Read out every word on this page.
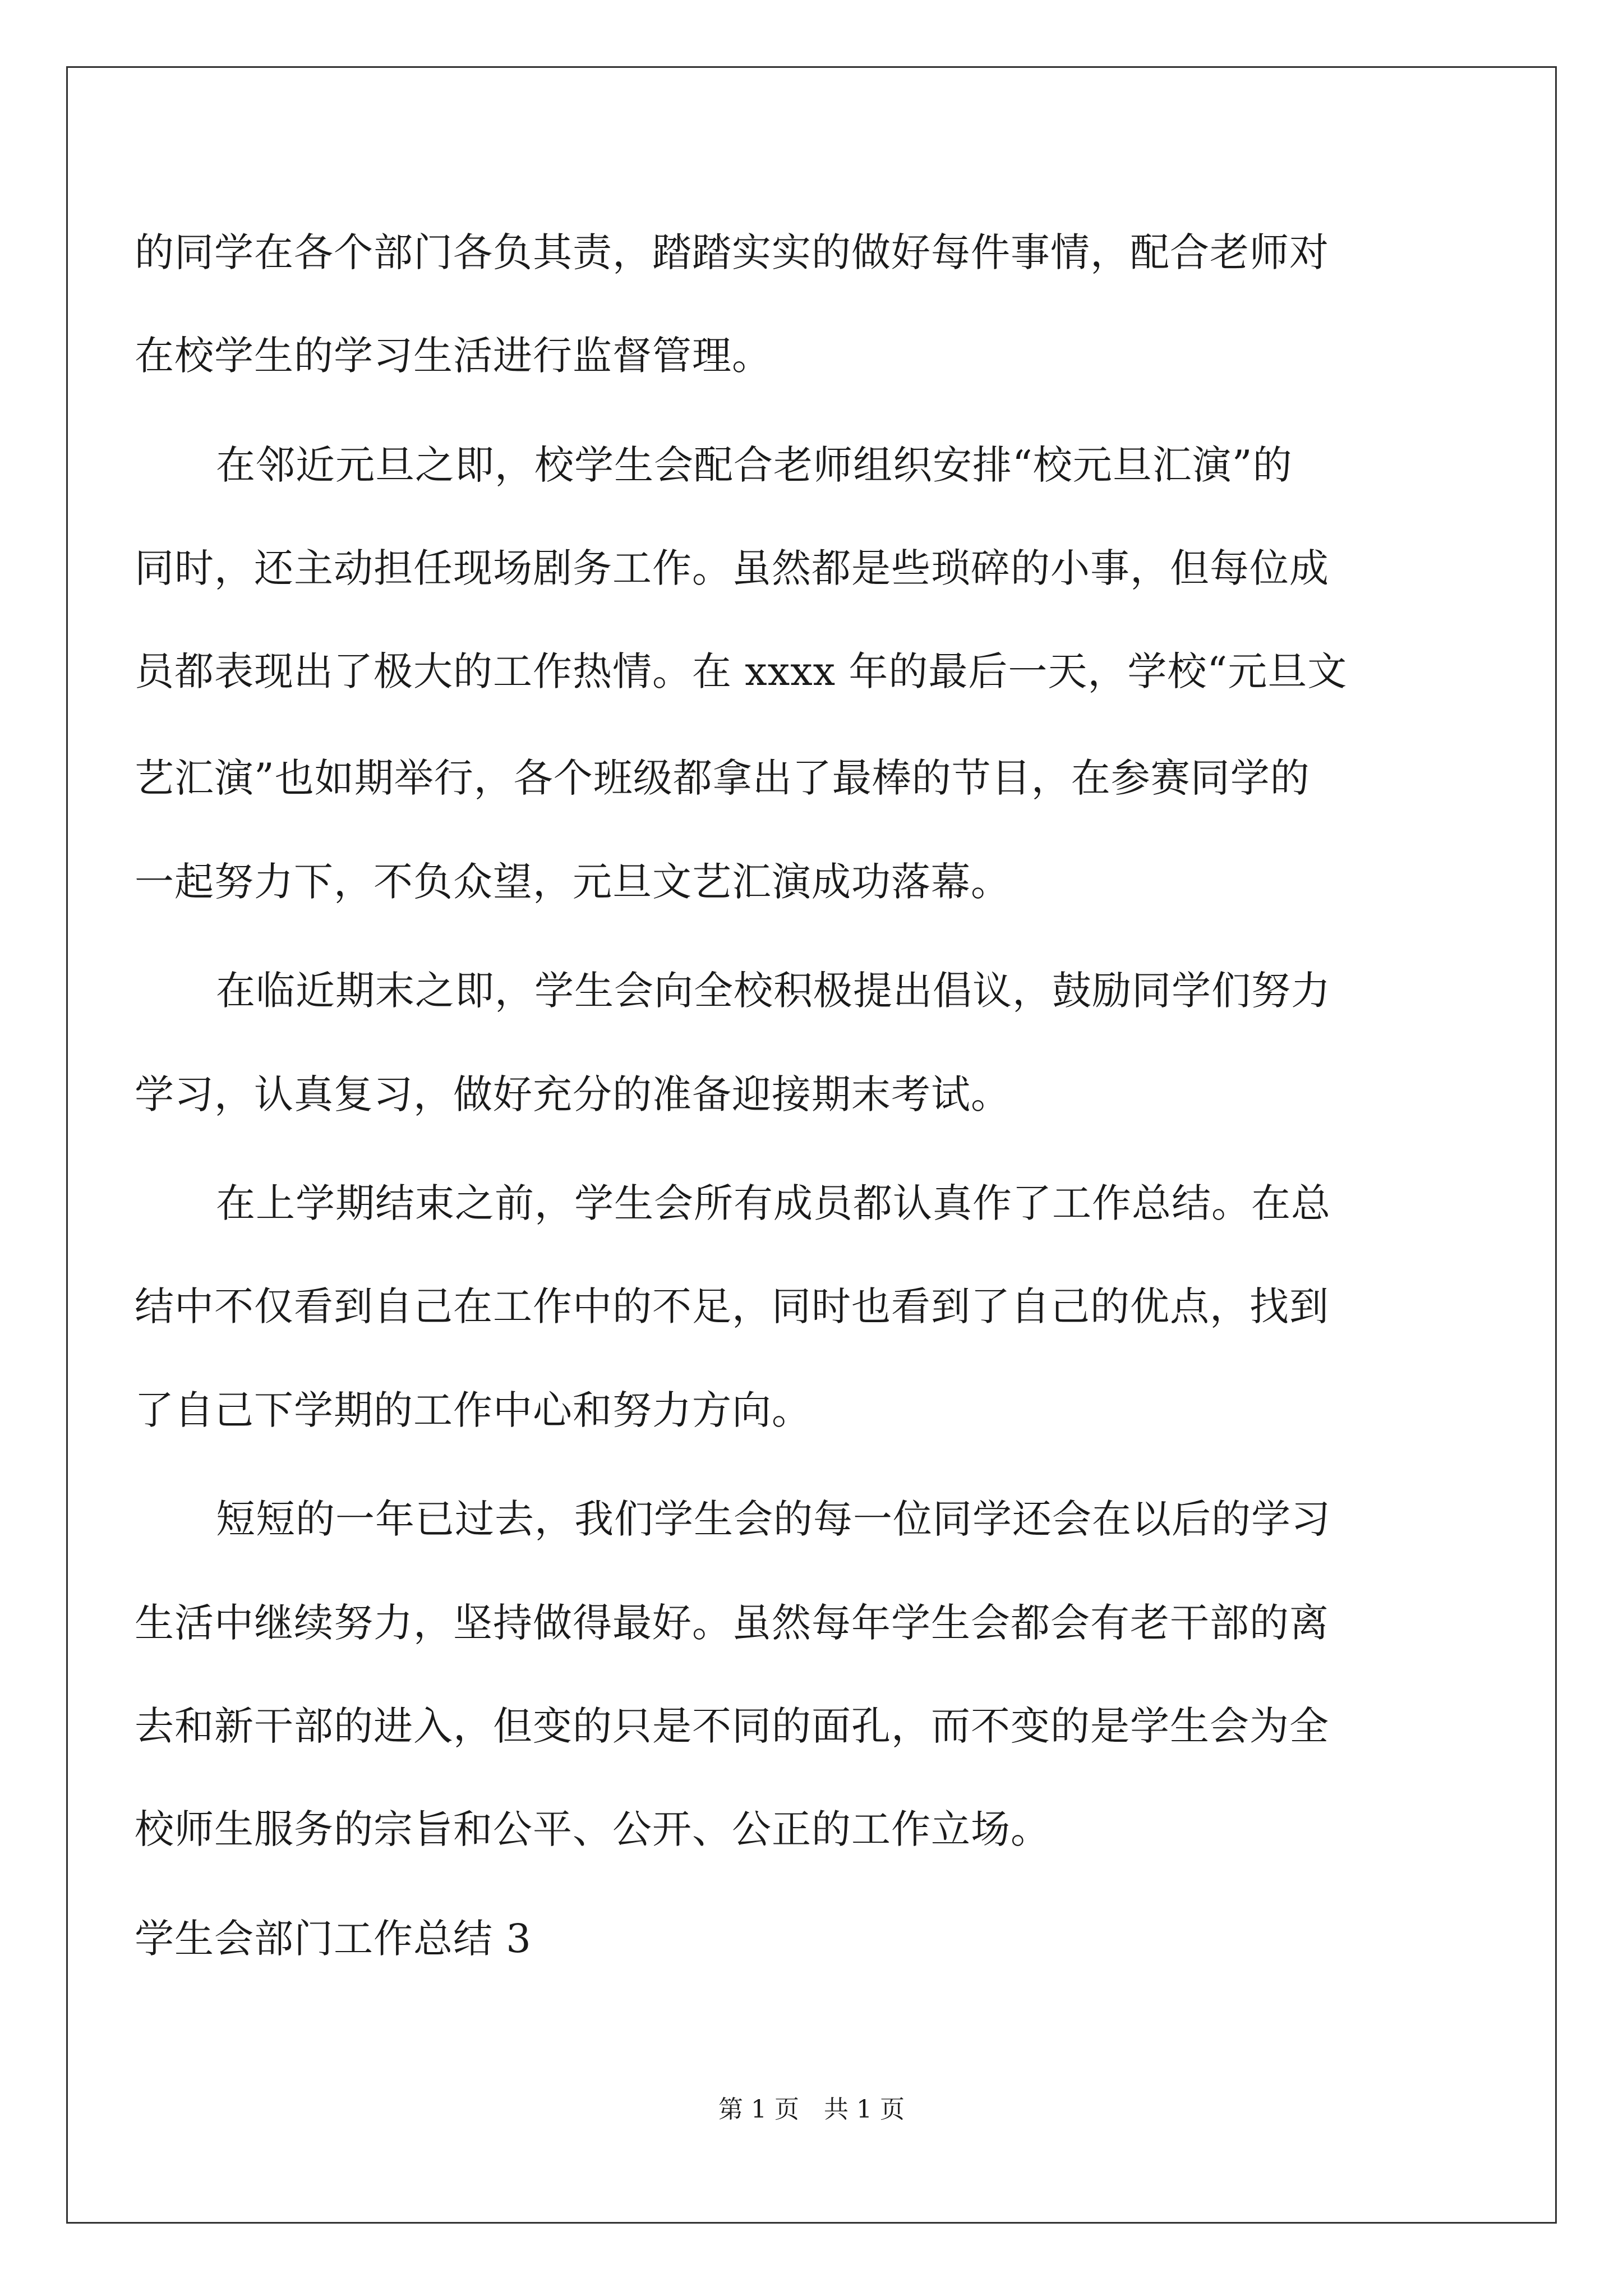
的同学在各个部门各负其责，踏踏实实的做好每件事情，配合老师对
在校学生的学习生活进行监督管理。
在邻近元旦之即，校学生会配合老师组织安排“校元旦汇演”的
同时，还主动担任现场剧务工作。虽然都是些琐碎的小事，但每位成
员都表现出了极大的工作热情。在 xxxx 年的最后一天，学校“元旦文
艺汇演”也如期举行，各个班级都拿出了最棒的节目，在参赛同学的
一起努力下，不负众望，元旦文艺汇演成功落幕。
在临近期末之即，学生会向全校积极提出倡议，鼓励同学们努力
学习，认真复习，做好充分的准备迎接期末考试。
在上学期结束之前，学生会所有成员都认真作了工作总结。在总
结中不仅看到自己在工作中的不足，同时也看到了自己的优点，找到
了自己下学期的工作中心和努力方向。
短短的一年已过去，我们学生会的每一位同学还会在以后的学习
生活中继续努力，坚持做得最好。虽然每年学生会都会有老干部的离
去和新干部的进入，但变的只是不同的面孔，而不变的是学生会为全
校师生服务的宗旨和公平、公开、公正的工作立场。
学生会部门工作总结 3
第 1 页　共 1 页
